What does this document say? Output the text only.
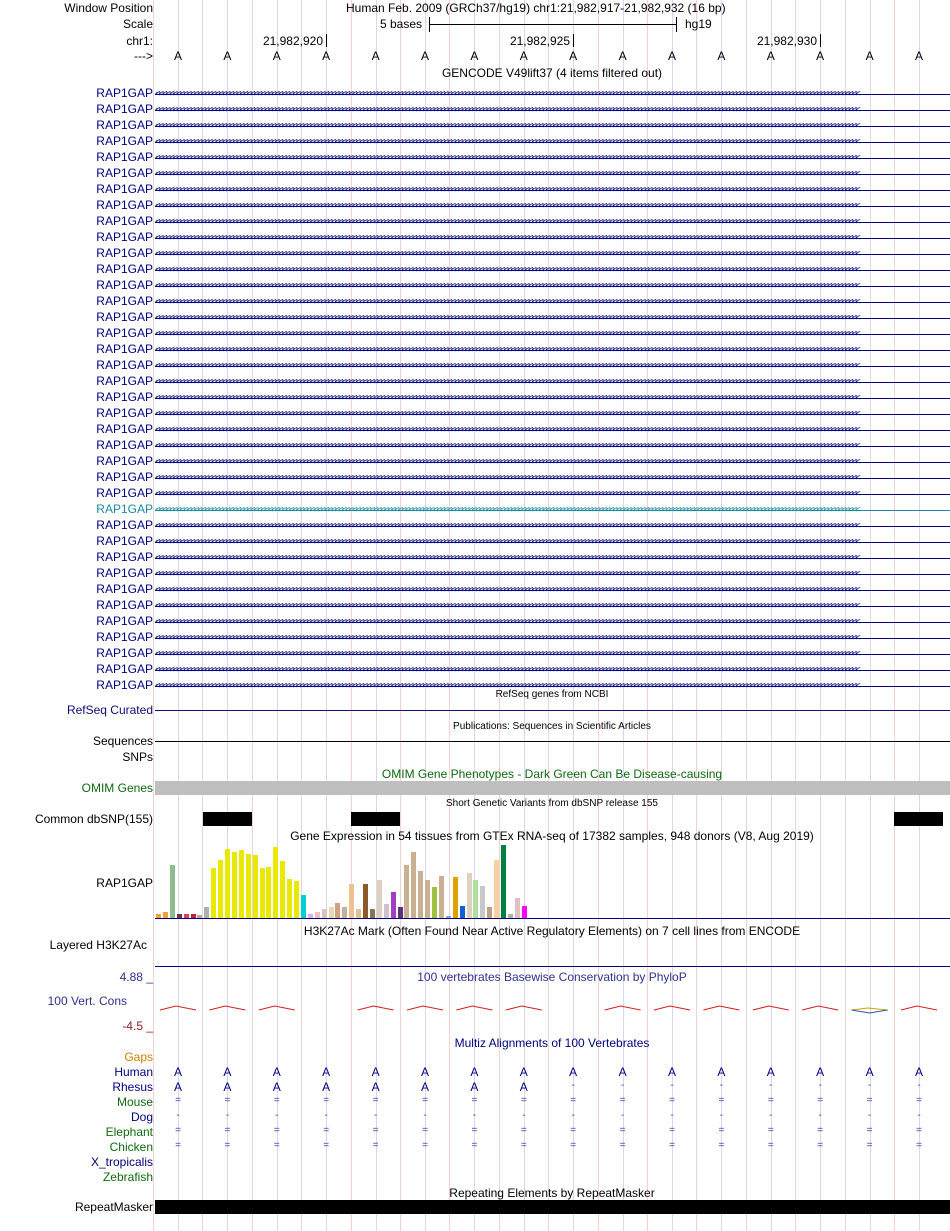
Human Feb. 2009 (GRCh37/hg19) chr1:21,982,917-21,982,932 (16 bp)
5 bases	hg19
21,982,920	21,982,925	21,982,930
A	A	A	A	A	A	A	A	A	A	A	A	A	A	A	A
GENCODE V49lift37 (4 items filtered out)
<<<<<<<<<<<<<<<<<<<<<<<<<<<<<<<<<<<<<<<<<<<<<<<<<<<<<<<<<<<<<<<<<<<<<<<<<<<<<<<<<<<<<<<<<<<<<<<<<<<<<<<<<<<<<<<<<<<<<<<<<<<<<<<<<<<<<<<<<<<<<<<<<<<<<<<<<<<<<<<<<<<<<<<<<<<<<<<<<<<<<<<<<<<<<<<<<<<<<<<<
<<<<<<<<<<<<<<<<<<<<<<<<<<<<<<<<<<<<<<<<<<<<<<<<<<<<<<<<<<<<<<<<<<<<<<<<<<<<<<<<<<<<<<<<<<<<<<<<<<<<<<<<<<<<<<<<<<<<<<<<<<<<<<<<<<<<<<<<<<<<<<<<<<<<<<<<<<<<<<<<<<<<<<<<<<<<<<<<<<<<<<<<<<<<<<<<<<<<<<<<
<<<<<<<<<<<<<<<<<<<<<<<<<<<<<<<<<<<<<<<<<<<<<<<<<<<<<<<<<<<<<<<<<<<<<<<<<<<<<<<<<<<<<<<<<<<<<<<<<<<<<<<<<<<<<<<<<<<<<<<<<<<<<<<<<<<<<<<<<<<<<<<<<<<<<<<<<<<<<<<<<<<<<<<<<<<<<<<<<<<<<<<<<<<<<<<<<<<<<<<<
<<<<<<<<<<<<<<<<<<<<<<<<<<<<<<<<<<<<<<<<<<<<<<<<<<<<<<<<<<<<<<<<<<<<<<<<<<<<<<<<<<<<<<<<<<<<<<<<<<<<<<<<<<<<<<<<<<<<<<<<<<<<<<<<<<<<<<<<<<<<<<<<<<<<<<<<<<<<<<<<<<<<<<<<<<<<<<<<<<<<<<<<<<<<<<<<<<<<<<<<
<<<<<<<<<<<<<<<<<<<<<<<<<<<<<<<<<<<<<<<<<<<<<<<<<<<<<<<<<<<<<<<<<<<<<<<<<<<<<<<<<<<<<<<<<<<<<<<<<<<<<<<<<<<<<<<<<<<<<<<<<<<<<<<<<<<<<<<<<<<<<<<<<<<<<<<<<<<<<<<<<<<<<<<<<<<<<<<<<<<<<<<<<<<<<<<<<<<<<<<<
<<<<<<<<<<<<<<<<<<<<<<<<<<<<<<<<<<<<<<<<<<<<<<<<<<<<<<<<<<<<<<<<<<<<<<<<<<<<<<<<<<<<<<<<<<<<<<<<<<<<<<<<<<<<<<<<<<<<<<<<<<<<<<<<<<<<<<<<<<<<<<<<<<<<<<<<<<<<<<<<<<<<<<<<<<<<<<<<<<<<<<<<<<<<<<<<<<<<<<<<
<<<<<<<<<<<<<<<<<<<<<<<<<<<<<<<<<<<<<<<<<<<<<<<<<<<<<<<<<<<<<<<<<<<<<<<<<<<<<<<<<<<<<<<<<<<<<<<<<<<<<<<<<<<<<<<<<<<<<<<<<<<<<<<<<<<<<<<<<<<<<<<<<<<<<<<<<<<<<<<<<<<<<<<<<<<<<<<<<<<<<<<<<<<<<<<<<<<<<<<<
<<<<<<<<<<<<<<<<<<<<<<<<<<<<<<<<<<<<<<<<<<<<<<<<<<<<<<<<<<<<<<<<<<<<<<<<<<<<<<<<<<<<<<<<<<<<<<<<<<<<<<<<<<<<<<<<<<<<<<<<<<<<<<<<<<<<<<<<<<<<<<<<<<<<<<<<<<<<<<<<<<<<<<<<<<<<<<<<<<<<<<<<<<<<<<<<<<<<<<<<
<<<<<<<<<<<<<<<<<<<<<<<<<<<<<<<<<<<<<<<<<<<<<<<<<<<<<<<<<<<<<<<<<<<<<<<<<<<<<<<<<<<<<<<<<<<<<<<<<<<<<<<<<<<<<<<<<<<<<<<<<<<<<<<<<<<<<<<<<<<<<<<<<<<<<<<<<<<<<<<<<<<<<<<<<<<<<<<<<<<<<<<<<<<<<<<<<<<<<<<<
<<<<<<<<<<<<<<<<<<<<<<<<<<<<<<<<<<<<<<<<<<<<<<<<<<<<<<<<<<<<<<<<<<<<<<<<<<<<<<<<<<<<<<<<<<<<<<<<<<<<<<<<<<<<<<<<<<<<<<<<<<<<<<<<<<<<<<<<<<<<<<<<<<<<<<<<<<<<<<<<<<<<<<<<<<<<<<<<<<<<<<<<<<<<<<<<<<<<<<<<
<<<<<<<<<<<<<<<<<<<<<<<<<<<<<<<<<<<<<<<<<<<<<<<<<<<<<<<<<<<<<<<<<<<<<<<<<<<<<<<<<<<<<<<<<<<<<<<<<<<<<<<<<<<<<<<<<<<<<<<<<<<<<<<<<<<<<<<<<<<<<<<<<<<<<<<<<<<<<<<<<<<<<<<<<<<<<<<<<<<<<<<<<<<<<<<<<<<<<<<<
<<<<<<<<<<<<<<<<<<<<<<<<<<<<<<<<<<<<<<<<<<<<<<<<<<<<<<<<<<<<<<<<<<<<<<<<<<<<<<<<<<<<<<<<<<<<<<<<<<<<<<<<<<<<<<<<<<<<<<<<<<<<<<<<<<<<<<<<<<<<<<<<<<<<<<<<<<<<<<<<<<<<<<<<<<<<<<<<<<<<<<<<<<<<<<<<<<<<<<<<
<<<<<<<<<<<<<<<<<<<<<<<<<<<<<<<<<<<<<<<<<<<<<<<<<<<<<<<<<<<<<<<<<<<<<<<<<<<<<<<<<<<<<<<<<<<<<<<<<<<<<<<<<<<<<<<<<<<<<<<<<<<<<<<<<<<<<<<<<<<<<<<<<<<<<<<<<<<<<<<<<<<<<<<<<<<<<<<<<<<<<<<<<<<<<<<<<<<<<<<<
<<<<<<<<<<<<<<<<<<<<<<<<<<<<<<<<<<<<<<<<<<<<<<<<<<<<<<<<<<<<<<<<<<<<<<<<<<<<<<<<<<<<<<<<<<<<<<<<<<<<<<<<<<<<<<<<<<<<<<<<<<<<<<<<<<<<<<<<<<<<<<<<<<<<<<<<<<<<<<<<<<<<<<<<<<<<<<<<<<<<<<<<<<<<<<<<<<<<<<<<
<<<<<<<<<<<<<<<<<<<<<<<<<<<<<<<<<<<<<<<<<<<<<<<<<<<<<<<<<<<<<<<<<<<<<<<<<<<<<<<<<<<<<<<<<<<<<<<<<<<<<<<<<<<<<<<<<<<<<<<<<<<<<<<<<<<<<<<<<<<<<<<<<<<<<<<<<<<<<<<<<<<<<<<<<<<<<<<<<<<<<<<<<<<<<<<<<<<<<<<<
<<<<<<<<<<<<<<<<<<<<<<<<<<<<<<<<<<<<<<<<<<<<<<<<<<<<<<<<<<<<<<<<<<<<<<<<<<<<<<<<<<<<<<<<<<<<<<<<<<<<<<<<<<<<<<<<<<<<<<<<<<<<<<<<<<<<<<<<<<<<<<<<<<<<<<<<<<<<<<<<<<<<<<<<<<<<<<<<<<<<<<<<<<<<<<<<<<<<<<<<
<<<<<<<<<<<<<<<<<<<<<<<<<<<<<<<<<<<<<<<<<<<<<<<<<<<<<<<<<<<<<<<<<<<<<<<<<<<<<<<<<<<<<<<<<<<<<<<<<<<<<<<<<<<<<<<<<<<<<<<<<<<<<<<<<<<<<<<<<<<<<<<<<<<<<<<<<<<<<<<<<<<<<<<<<<<<<<<<<<<<<<<<<<<<<<<<<<<<<<<<
<<<<<<<<<<<<<<<<<<<<<<<<<<<<<<<<<<<<<<<<<<<<<<<<<<<<<<<<<<<<<<<<<<<<<<<<<<<<<<<<<<<<<<<<<<<<<<<<<<<<<<<<<<<<<<<<<<<<<<<<<<<<<<<<<<<<<<<<<<<<<<<<<<<<<<<<<<<<<<<<<<<<<<<<<<<<<<<<<<<<<<<<<<<<<<<<<<<<<<<<
<<<<<<<<<<<<<<<<<<<<<<<<<<<<<<<<<<<<<<<<<<<<<<<<<<<<<<<<<<<<<<<<<<<<<<<<<<<<<<<<<<<<<<<<<<<<<<<<<<<<<<<<<<<<<<<<<<<<<<<<<<<<<<<<<<<<<<<<<<<<<<<<<<<<<<<<<<<<<<<<<<<<<<<<<<<<<<<<<<<<<<<<<<<<<<<<<<<<<<<<
<<<<<<<<<<<<<<<<<<<<<<<<<<<<<<<<<<<<<<<<<<<<<<<<<<<<<<<<<<<<<<<<<<<<<<<<<<<<<<<<<<<<<<<<<<<<<<<<<<<<<<<<<<<<<<<<<<<<<<<<<<<<<<<<<<<<<<<<<<<<<<<<<<<<<<<<<<<<<<<<<<<<<<<<<<<<<<<<<<<<<<<<<<<<<<<<<<<<<<<<
<<<<<<<<<<<<<<<<<<<<<<<<<<<<<<<<<<<<<<<<<<<<<<<<<<<<<<<<<<<<<<<<<<<<<<<<<<<<<<<<<<<<<<<<<<<<<<<<<<<<<<<<<<<<<<<<<<<<<<<<<<<<<<<<<<<<<<<<<<<<<<<<<<<<<<<<<<<<<<<<<<<<<<<<<<<<<<<<<<<<<<<<<<<<<<<<<<<<<<<<
<<<<<<<<<<<<<<<<<<<<<<<<<<<<<<<<<<<<<<<<<<<<<<<<<<<<<<<<<<<<<<<<<<<<<<<<<<<<<<<<<<<<<<<<<<<<<<<<<<<<<<<<<<<<<<<<<<<<<<<<<<<<<<<<<<<<<<<<<<<<<<<<<<<<<<<<<<<<<<<<<<<<<<<<<<<<<<<<<<<<<<<<<<<<<<<<<<<<<<<<
<<<<<<<<<<<<<<<<<<<<<<<<<<<<<<<<<<<<<<<<<<<<<<<<<<<<<<<<<<<<<<<<<<<<<<<<<<<<<<<<<<<<<<<<<<<<<<<<<<<<<<<<<<<<<<<<<<<<<<<<<<<<<<<<<<<<<<<<<<<<<<<<<<<<<<<<<<<<<<<<<<<<<<<<<<<<<<<<<<<<<<<<<<<<<<<<<<<<<<<<
<<<<<<<<<<<<<<<<<<<<<<<<<<<<<<<<<<<<<<<<<<<<<<<<<<<<<<<<<<<<<<<<<<<<<<<<<<<<<<<<<<<<<<<<<<<<<<<<<<<<<<<<<<<<<<<<<<<<<<<<<<<<<<<<<<<<<<<<<<<<<<<<<<<<<<<<<<<<<<<<<<<<<<<<<<<<<<<<<<<<<<<<<<<<<<<<<<<<<<<<
<<<<<<<<<<<<<<<<<<<<<<<<<<<<<<<<<<<<<<<<<<<<<<<<<<<<<<<<<<<<<<<<<<<<<<<<<<<<<<<<<<<<<<<<<<<<<<<<<<<<<<<<<<<<<<<<<<<<<<<<<<<<<<<<<<<<<<<<<<<<<<<<<<<<<<<<<<<<<<<<<<<<<<<<<<<<<<<<<<<<<<<<<<<<<<<<<<<<<<<<
<<<<<<<<<<<<<<<<<<<<<<<<<<<<<<<<<<<<<<<<<<<<<<<<<<<<<<<<<<<<<<<<<<<<<<<<<<<<<<<<<<<<<<<<<<<<<<<<<<<<<<<<<<<<<<<<<<<<<<<<<<<<<<<<<<<<<<<<<<<<<<<<<<<<<<<<<<<<<<<<<<<<<<<<<<<<<<<<<<<<<<<<<<<<<<<<<<<<<<<<
<<<<<<<<<<<<<<<<<<<<<<<<<<<<<<<<<<<<<<<<<<<<<<<<<<<<<<<<<<<<<<<<<<<<<<<<<<<<<<<<<<<<<<<<<<<<<<<<<<<<<<<<<<<<<<<<<<<<<<<<<<<<<<<<<<<<<<<<<<<<<<<<<<<<<<<<<<<<<<<<<<<<<<<<<<<<<<<<<<<<<<<<<<<<<<<<<<<<<<<<
<<<<<<<<<<<<<<<<<<<<<<<<<<<<<<<<<<<<<<<<<<<<<<<<<<<<<<<<<<<<<<<<<<<<<<<<<<<<<<<<<<<<<<<<<<<<<<<<<<<<<<<<<<<<<<<<<<<<<<<<<<<<<<<<<<<<<<<<<<<<<<<<<<<<<<<<<<<<<<<<<<<<<<<<<<<<<<<<<<<<<<<<<<<<<<<<<<<<<<<<
<<<<<<<<<<<<<<<<<<<<<<<<<<<<<<<<<<<<<<<<<<<<<<<<<<<<<<<<<<<<<<<<<<<<<<<<<<<<<<<<<<<<<<<<<<<<<<<<<<<<<<<<<<<<<<<<<<<<<<<<<<<<<<<<<<<<<<<<<<<<<<<<<<<<<<<<<<<<<<<<<<<<<<<<<<<<<<<<<<<<<<<<<<<<<<<<<<<<<<<<
<<<<<<<<<<<<<<<<<<<<<<<<<<<<<<<<<<<<<<<<<<<<<<<<<<<<<<<<<<<<<<<<<<<<<<<<<<<<<<<<<<<<<<<<<<<<<<<<<<<<<<<<<<<<<<<<<<<<<<<<<<<<<<<<<<<<<<<<<<<<<<<<<<<<<<<<<<<<<<<<<<<<<<<<<<<<<<<<<<<<<<<<<<<<<<<<<<<<<<<<
<<<<<<<<<<<<<<<<<<<<<<<<<<<<<<<<<<<<<<<<<<<<<<<<<<<<<<<<<<<<<<<<<<<<<<<<<<<<<<<<<<<<<<<<<<<<<<<<<<<<<<<<<<<<<<<<<<<<<<<<<<<<<<<<<<<<<<<<<<<<<<<<<<<<<<<<<<<<<<<<<<<<<<<<<<<<<<<<<<<<<<<<<<<<<<<<<<<<<<<<
<<<<<<<<<<<<<<<<<<<<<<<<<<<<<<<<<<<<<<<<<<<<<<<<<<<<<<<<<<<<<<<<<<<<<<<<<<<<<<<<<<<<<<<<<<<<<<<<<<<<<<<<<<<<<<<<<<<<<<<<<<<<<<<<<<<<<<<<<<<<<<<<<<<<<<<<<<<<<<<<<<<<<<<<<<<<<<<<<<<<<<<<<<<<<<<<<<<<<<<<
<<<<<<<<<<<<<<<<<<<<<<<<<<<<<<<<<<<<<<<<<<<<<<<<<<<<<<<<<<<<<<<<<<<<<<<<<<<<<<<<<<<<<<<<<<<<<<<<<<<<<<<<<<<<<<<<<<<<<<<<<<<<<<<<<<<<<<<<<<<<<<<<<<<<<<<<<<<<<<<<<<<<<<<<<<<<<<<<<<<<<<<<<<<<<<<<<<<<<<<<
<<<<<<<<<<<<<<<<<<<<<<<<<<<<<<<<<<<<<<<<<<<<<<<<<<<<<<<<<<<<<<<<<<<<<<<<<<<<<<<<<<<<<<<<<<<<<<<<<<<<<<<<<<<<<<<<<<<<<<<<<<<<<<<<<<<<<<<<<<<<<<<<<<<<<<<<<<<<<<<<<<<<<<<<<<<<<<<<<<<<<<<<<<<<<<<<<<<<<<<<
<<<<<<<<<<<<<<<<<<<<<<<<<<<<<<<<<<<<<<<<<<<<<<<<<<<<<<<<<<<<<<<<<<<<<<<<<<<<<<<<<<<<<<<<<<<<<<<<<<<<<<<<<<<<<<<<<<<<<<<<<<<<<<<<<<<<<<<<<<<<<<<<<<<<<<<<<<<<<<<<<<<<<<<<<<<<<<<<<<<<<<<<<<<<<<<<<<<<<<<<
<<<<<<<<<<<<<<<<<<<<<<<<<<<<<<<<<<<<<<<<<<<<<<<<<<<<<<<<<<<<<<<<<<<<<<<<<<<<<<<<<<<<<<<<<<<<<<<<<<<<<<<<<<<<<<<<<<<<<<<<<<<<<<<<<<<<<<<<<<<<<<<<<<<<<<<<<<<<<<<<<<<<<<<<<<<<<<<<<<<<<<<<<<<<<<<<<<<<<<<<
<<<<<<<<<<<<<<<<<<<<<<<<<<<<<<<<<<<<<<<<<<<<<<<<<<<<<<<<<<<<<<<<<<<<<<<<<<<<<<<<<<<<<<<<<<<<<<<<<<<<<<<<<<<<<<<<<<<<<<<<<<<<<<<<<<<<<<<<<<<<<<<<<<<<<<<<<<<<<<<<<<<<<<<<<<<<<<<<<<<<<<<<<<<<<<<<<<<<<<<<
<<<<<<<<<<<<<<<<<<<<<<<<<<<<<<<<<<<<<<<<<<<<<<<<<<<<<<<<<<<<<<<<<<<<<<<<<<<<<<<<<<<<<<<<<<<<<<<<<<<<<<<<<<<<<<<<<<<<<<<<<<<<<<<<<<<<<<<<<<<<<<<<<<<<<<<<<<<<<<<<<<<<<<<<<<<<<<<<<<<<<<<<<<<<<<<<<<<<<<<<
RefSeq genes from NCBI
Publications: Sequences in Scientific Articles
OMIM Gene Phenotypes - Dark Green Can Be Disease-causing
Short Genetic Variants from dbSNP release 155
Gene Expression in 54 tissues from GTEx RNA-seq of 17382 samples, 948 donors (V8, Aug 2019)
H3K27Ac Mark (Often Found Near Active Regulatory Elements) on 7 cell lines from ENCODE
100 vertebrates Basewise Conservation by PhyloP
Multiz Alignments of 100 Vertebrates
A	A	A	A	A	A	A	A	A	A	A	A	A	A	A	A
A	A	A	A	A	A	A	A	-	-	-	-	-	-	-	-
=	=	=	=	=	=	=	=	=	=	=	=	=	=	=	=
-	-	-	-	-	-	-	-	-	-	-	-	-	-	-	-
=	=	=	=	=	=	=	=	=	=	=	=	=	=	=	=
=	=	=	=	=	=	=	=	=	=	=	=	=	=	=	=
Repeating Elements by RepeatMasker
Window Position
Scale
chr1:
--->
RAP1GAP
RAP1GAP
RAP1GAP
RAP1GAP
RAP1GAP
RAP1GAP
RAP1GAP
RAP1GAP
RAP1GAP
RAP1GAP
RAP1GAP
RAP1GAP
RAP1GAP
RAP1GAP
RAP1GAP
RAP1GAP
RAP1GAP
RAP1GAP
RAP1GAP
RAP1GAP
RAP1GAP
RAP1GAP
RAP1GAP
RAP1GAP
RAP1GAP
RAP1GAP
RAP1GAP
RAP1GAP
RAP1GAP
RAP1GAP
RAP1GAP
RAP1GAP
RAP1GAP
RAP1GAP
RAP1GAP
RAP1GAP
RAP1GAP
RAP1GAP
RefSeq Curated
Sequences
SNPs
OMIM Genes
Common dbSNP(155)
RAP1GAP
Layered H3K27Ac
4.88 _
100 Vert. Cons
-4.5 _
Gaps
Human
Rhesus
Mouse
Dog
Elephant
Chicken
X_tropicalis
Zebrafish
RepeatMasker
